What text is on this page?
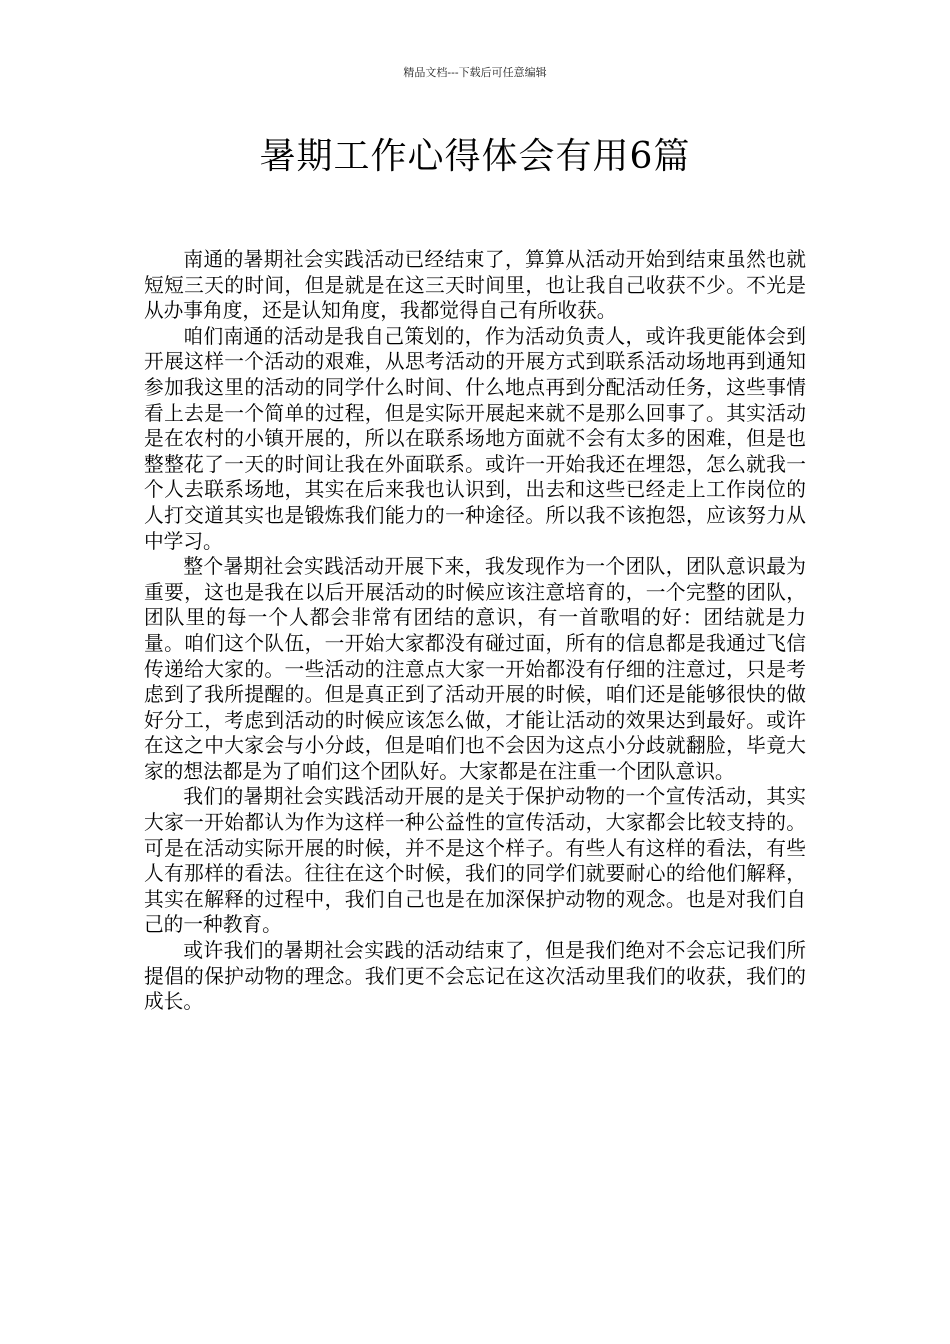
精品文档---下载后可任意编辑
暑期工作心得体会有用6篇

南通的暑期社会实践活动已经结束了，算算从活动开始到结束虽然也就短短三天的时间，但是就是在这三天时间里，也让我自己收获不少。不光是从办事角度，还是认知角度，我都觉得自己有所收获。

咱们南通的活动是我自己策划的，作为活动负责人，或许我更能体会到开展这样一个活动的艰难，从思考活动的开展方式到联系活动场地再到通知参加我这里的活动的同学什么时间、什么地点再到分配活动任务，这些事情看上去是一个简单的过程，但是实际开展起来就不是那么回事了。其实活动是在农村的小镇开展的，所以在联系场地方面就不会有太多的困难，但是也整整花了一天的时间让我在外面联系。或许一开始我还在埋怨，怎么就我一个人去联系场地，其实在后来我也认识到，出去和这些已经走上工作岗位的人打交道其实也是锻炼我们能力的一种途径。所以我不该抱怨，应该努力从中学习。

整个暑期社会实践活动开展下来，我发现作为一个团队，团队意识最为重要，这也是我在以后开展活动的时候应该注意培育的，一个完整的团队，团队里的每一个人都会非常有团结的意识，有一首歌唱的好：团结就是力量。咱们这个队伍，一开始大家都没有碰过面，所有的信息都是我通过飞信传递给大家的。一些活动的注意点大家一开始都没有仔细的注意过，只是考虑到了我所提醒的。但是真正到了活动开展的时候，咱们还是能够很快的做好分工，考虑到活动的时候应该怎么做，才能让活动的效果达到最好。或许在这之中大家会与小分歧，但是咱们也不会因为这点小分歧就翻脸，毕竟大家的想法都是为了咱们这个团队好。大家都是在注重一个团队意识。

我们的暑期社会实践活动开展的是关于保护动物的一个宣传活动，其实大家一开始都认为作为这样一种公益性的宣传活动，大家都会比较支持的。可是在活动实际开展的时候，并不是这个样子。有些人有这样的看法，有些人有那样的看法。往往在这个时候，我们的同学们就要耐心的给他们解释，其实在解释的过程中，我们自己也是在加深保护动物的观念。也是对我们自己的一种教育。

或许我们的暑期社会实践的活动结束了，但是我们绝对不会忘记我们所提倡的保护动物的理念。我们更不会忘记在这次活动里我们的收获，我们的成长。
